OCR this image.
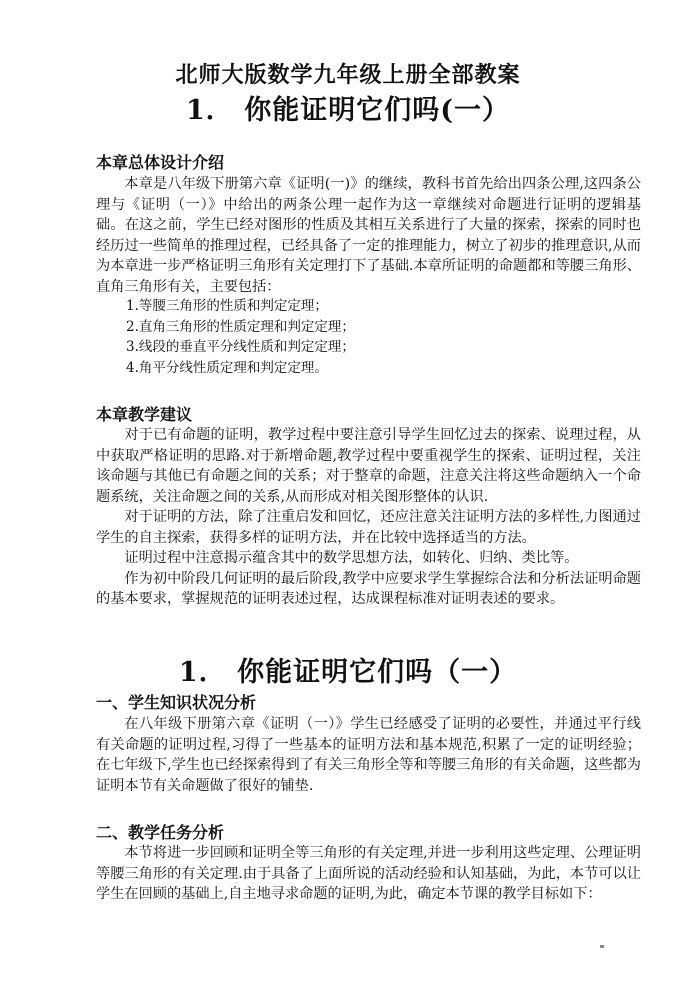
北师大版数学九年级上册全部教案
1． 你能证明它们吗(一）
本章总体设计介绍

本章是八年级下册第六章《证明(一)》的继续，教科书首先给出四条公理,这四条公理与《证明（一）》中给出的两条公理一起作为这一章继续对命题进行证明的逻辑基础。在这之前，学生已经对图形的性质及其相互关系进行了大量的探索，探索的同时也经历过一些简单的推理过程，已经具备了一定的推理能力，树立了初步的推理意识,从而为本章进一步严格证明三角形有关定理打下了基础.本章所证明的命题都和等腰三角形、直角三角形有关，主要包括：

1.等腰三角形的性质和判定定理；
2.直角三角形的性质定理和判定定理；
3.线段的垂直平分线性质和判定定理；
4.角平分线性质定理和判定定理。
本章教学建议

对于已有命题的证明，教学过程中要注意引导学生回忆过去的探索、说理过程，从中获取严格证明的思路.对于新增命题,教学过程中要重视学生的探索、证明过程，关注该命题与其他已有命题之间的关系；对于整章的命题，注意关注将这些命题纳入一个命题系统，关注命题之间的关系,从而形成对相关图形整体的认识.

对于证明的方法，除了注重启发和回忆，还应注意关注证明方法的多样性,力图通过学生的自主探索，获得多样的证明方法，并在比较中选择适当的方法。

证明过程中注意揭示蕴含其中的数学思想方法，如转化、归纳、类比等。

作为初中阶段几何证明的最后阶段,教学中应要求学生掌握综合法和分析法证明命题的基本要求，掌握规范的证明表述过程，达成课程标准对证明表述的要求。

1． 你能证明它们吗（一）
一、学生知识状况分析

在八年级下册第六章《证明（一）》学生已经感受了证明的必要性，并通过平行线有关命题的证明过程,习得了一些基本的证明方法和基本规范,积累了一定的证明经验；在七年级下,学生也已经探索得到了有关三角形全等和等腰三角形的有关命题，这些都为证明本节有关命题做了很好的铺垫.

二、教学任务分析

本节将进一步回顾和证明全等三角形的有关定理,并进一步利用这些定理、公理证明等腰三角形的有关定理.由于具备了上面所说的活动经验和认知基础，为此，本节可以让学生在回顾的基础上,自主地寻求命题的证明,为此，确定本节课的教学目标如下：
